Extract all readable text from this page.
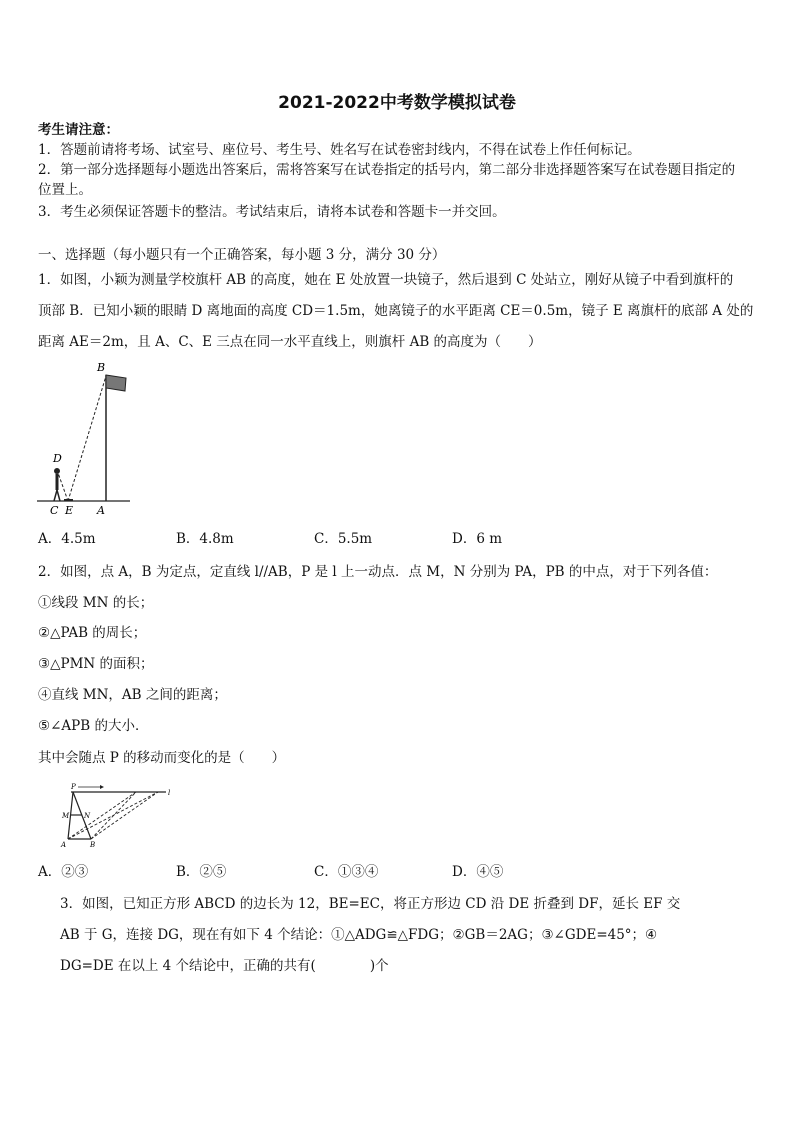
2021-2022中考数学模拟试卷
考生请注意：
1．答题前请将考场、试室号、座位号、考生号、姓名写在试卷密封线内，不得在试卷上作任何标记。
2．第一部分选择题每小题选出答案后，需将答案写在试卷指定的括号内，第二部分非选择题答案写在试卷题目指定的
位置上。
3．考生必须保证答题卡的整洁。考试结束后，请将本试卷和答题卡一并交回。
一、选择题（每小题只有一个正确答案，每小题 3 分，满分 30 分）
1．如图，小颖为测量学校旗杆 AB 的高度，她在 E 处放置一块镜子，然后退到 C 处站立，刚好从镜子中看到旗杆的
顶部 B．已知小颖的眼睛 D 离地面的高度 CD＝1.5m，她离镜子的水平距离 CE＝0.5m，镜子 E 离旗杆的底部 A 处的
距离 AE＝2m，且 A、C、E 三点在同一水平直线上，则旗杆 AB 的高度为（　　）
B
D
C E A
A．4.5m	B．4.8m	C．5.5m	D．6 m
2．如图，点 A，B 为定点，定直线 l//AB，P 是 l 上一动点．点 M，N 分别为 PA，PB 的中点，对于下列各值：
①线段 MN 的长；
②△PAB 的周长；
③△PMN 的面积；
④直线 MN，AB 之间的距离；
⑤∠APB 的大小．
其中会随点 P 的移动而变化的是（　　）
P
M N
A	B
l
A．②③	B．②⑤	C．①③④	D．④⑤
3．如图，已知正方形 ABCD 的边长为 12，BE=EC，将正方形边 CD 沿 DE 折叠到 DF，延长 EF 交
AB 于 G，连接 DG，现在有如下 4 个结论：①△ADG≌△FDG；②GB＝2AG；③∠GDE=45°；④
DG=DE 在以上 4 个结论中，正确的共有(　　　　)个
